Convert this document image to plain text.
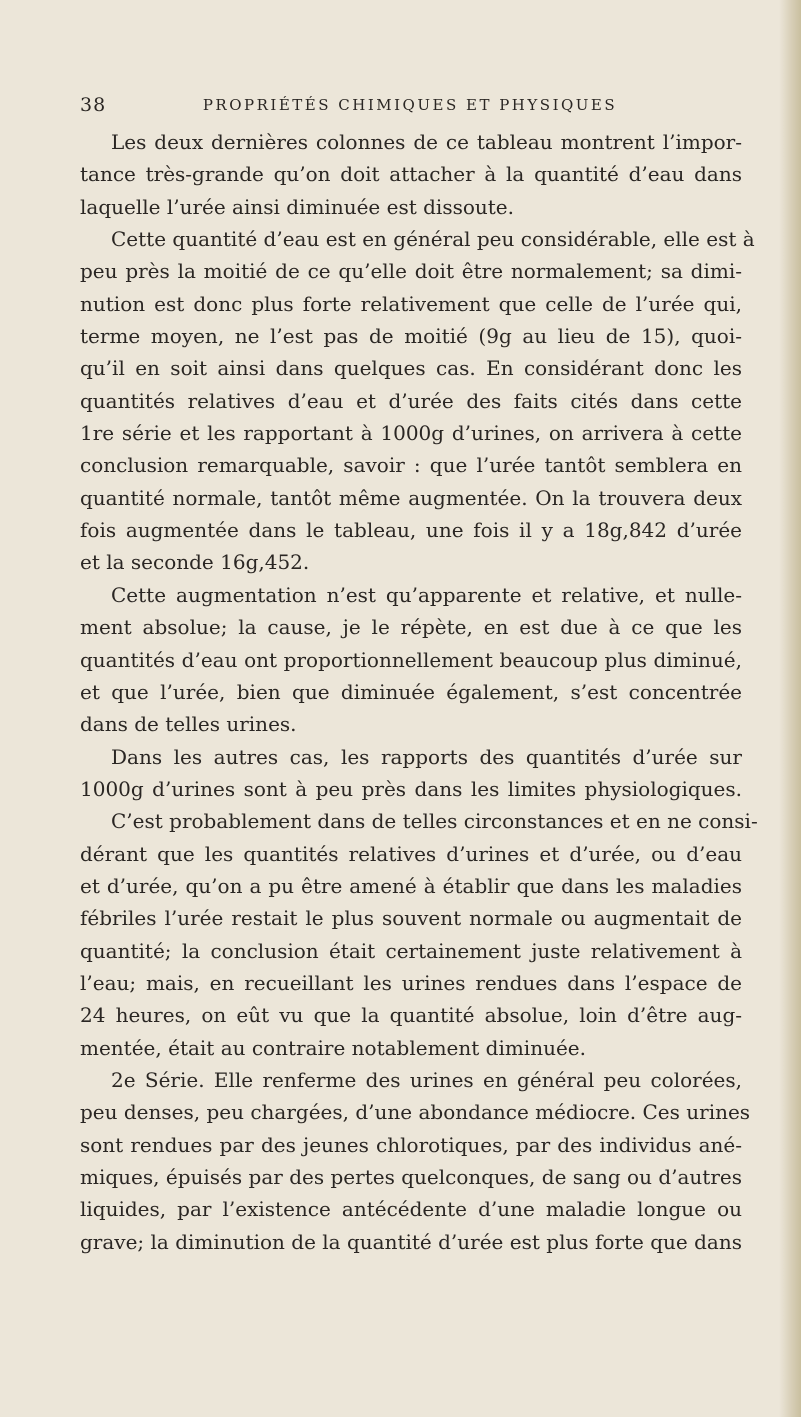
38	PROPRIÉTÉS CHIMIQUES ET PHYSIQUES
Les deux dernières colonnes de ce tableau montrent l’impor-
tance très-grande qu’on doit attacher à la quantité d’eau dans
laquelle l’urée ainsi diminuée est dissoute.
Cette quantité d’eau est en général peu considérable, elle est à
peu près la moitié de ce qu’elle doit être normalement; sa dimi-
nution est donc plus forte relativement que celle de l’urée qui,
terme moyen, ne l’est pas de moitié (9g au lieu de 15), quoi-
qu’il en soit ainsi dans quelques cas. En considérant donc les
quantités relatives d’eau et d’urée des faits cités dans cette
1re série et les rapportant à 1000g d’urines, on arrivera à cette
conclusion remarquable, savoir : que l’urée tantôt semblera en
quantité normale, tantôt même augmentée. On la trouvera deux
fois augmentée dans le tableau, une fois il y a 18g,842 d’urée
et la seconde 16g,452.
Cette augmentation n’est qu’apparente et relative, et nulle-
ment absolue; la cause, je le répète, en est due à ce que les
quantités d’eau ont proportionnellement beaucoup plus diminué,
et que l’urée, bien que diminuée également, s’est concentrée
dans de telles urines.
Dans les autres cas, les rapports des quantités d’urée sur
1000g d’urines sont à peu près dans les limites physiologiques.
C’est probablement dans de telles circonstances et en ne consi-
dérant que les quantités relatives d’urines et d’urée, ou d’eau
et d’urée, qu’on a pu être amené à établir que dans les maladies
fébriles l’urée restait le plus souvent normale ou augmentait de
quantité; la conclusion était certainement juste relativement à
l’eau; mais, en recueillant les urines rendues dans l’espace de
24 heures, on eût vu que la quantité absolue, loin d’être aug-
mentée, était au contraire notablement diminuée.
2e Série. Elle renferme des urines en général peu colorées,
peu denses, peu chargées, d’une abondance médiocre. Ces urines
sont rendues par des jeunes chlorotiques, par des individus ané-
miques, épuisés par des pertes quelconques, de sang ou d’autres
liquides, par l’existence antécédente d’une maladie longue ou
grave; la diminution de la quantité d’urée est plus forte que dans
